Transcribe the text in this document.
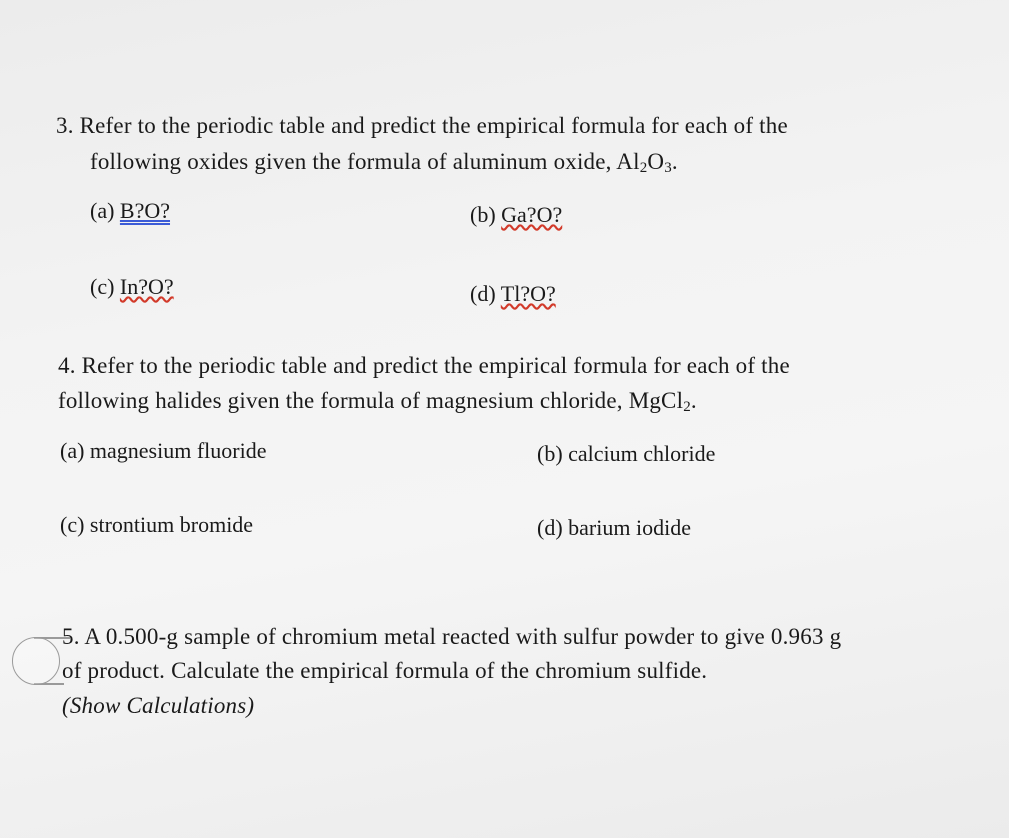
3. Refer to the periodic table and predict the empirical formula for each of the
following oxides given the formula of aluminum oxide, $Al_2O_3$.
(a) B?O?	(b) Ga?O?
(c) In?O?	(d) Tl?O?
4. Refer to the periodic table and predict the empirical formula for each of the
following halides given the formula of magnesium chloride, MgCl$_2$.
(a) magnesium fluoride	(b) calcium chloride
(c) strontium bromide	(d) barium iodide
5. A 0.500-g sample of chromium metal reacted with sulfur powder to give 0.963 g
of product. Calculate the empirical formula of the chromium sulfide.
(Show Calculations)
